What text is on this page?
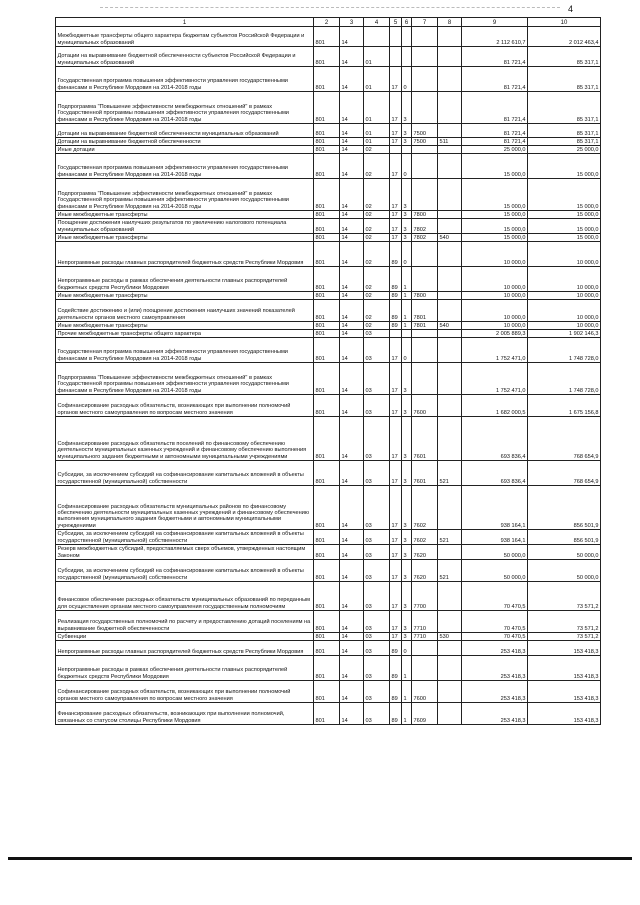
4
1	2	3	4	5	6	7	8	9	10
Межбюджетные трансферты общего характера бюджетам субъектов Российской Федерации и муниципальных образований	801	14						2 112 610,7	2 012 463,4
Дотации на выравнивание бюджетной обеспеченности субъектов Российской Федерации и муниципальных образований	801	14	01					81 721,4	85 317,1
Государственная программа повышения эффективности управления государственными финансами в Республике Мордовия на 2014-2018 годы	801	14	01	17	0			81 721,4	85 317,1
Подпрограмма "Повышение эффективности межбюджетных отношений" в рамках Государственной программы повышения эффективности управления государственными финансами в Республике Мордовия на 2014-2018 годы	801	14	01	17	3			81 721,4	85 317,1
Дотации на выравнивание бюджетной обеспеченности муниципальных образований	801	14	01	17	3	7500		81 721,4	85 317,1
Дотации на выравнивание бюджетной обеспеченности	801	14	01	17	3	7500	511	81 721,4	85 317,1
Иные дотации	801	14	02					25 000,0	25 000,0
Государственная программа повышения эффективности управления государственными финансами в Республике Мордовия на 2014-2018 годы	801	14	02	17	0			15 000,0	15 000,0
Подпрограмма "Повышение эффективности межбюджетных отношений" в рамках Государственной программы повышения эффективности управления государственными финансами в Республике Мордовия на 2014-2018 годы	801	14	02	17	3			15 000,0	15 000,0
Иные межбюджетные трансферты	801	14	02	17	3	7800		15 000,0	15 000,0
Поощрение достижения наилучших результатов по увеличению налогового потенциала муниципальных образований	801	14	02	17	3	7802		15 000,0	15 000,0
Иные межбюджетные трансферты	801	14	02	17	3	7802	540	15 000,0	15 000,0
Непрограммные расходы главных распорядителей бюджетных средств Республики Мордовия	801	14	02	89	0			10 000,0	10 000,0
Непрограммные расходы в рамках обеспечения деятельности главных распорядителей бюджетных средств Республики Мордовия	801	14	02	89	1			10 000,0	10 000,0
Иные межбюджетные трансферты	801	14	02	89	1	7800		10 000,0	10 000,0
Содействие достижению и (или) поощрение достижения наилучших значений показателей деятельности органов местного самоуправления	801	14	02	89	1	7801		10 000,0	10 000,0
Иные межбюджетные трансферты	801	14	02	89	1	7801	540	10 000,0	10 000,0
Прочие межбюджетные трансферты общего характера	801	14	03					2 005 889,3	1 902 146,3
Государственная программа повышения эффективности управления государственными финансами в Республике Мордовия на 2014-2018 годы	801	14	03	17	0			1 752 471,0	1 748 728,0
Подпрограмма "Повышение эффективности межбюджетных отношений" в рамках Государственной программы повышения эффективности управления государственными финансами в Республике Мордовия на 2014-2018 годы	801	14	03	17	3			1 752 471,0	1 748 728,0
Софинансирование расходных обязательств, возникающих при выполнении полномочий органов местного самоуправления по вопросам местного значения	801	14	03	17	3	7600		1 682 000,5	1 675 156,8
Софинансирование расходных обязательств поселений по финансовому обеспечению деятельности муниципальных казенных учреждений и финансовому обеспечению выполнения муниципального задания бюджетными и автономными муниципальными учреждениями	801	14	03	17	3	7601		693 836,4	768 654,9
Субсидии, за исключением субсидий на софинансирование капитальных вложений в объекты государственной (муниципальной) собственности	801	14	03	17	3	7601	521	693 836,4	768 654,9
Софинансирование расходных обязательств муниципальных районов по финансовому обеспечению деятельности муниципальных казенных учреждений и финансовому обеспечению выполнения муниципального задания бюджетными и автономными муниципальными учреждениями	801	14	03	17	3	7602		938 164,1	856 501,9
Субсидии, за исключением субсидий на софинансирование капитальных вложений в объекты государственной (муниципальной) собственности	801	14	03	17	3	7602	521	938 164,1	856 501,9
Резерв межбюджетных субсидий, предоставляемых сверх объемов, утвержденных настоящим Законом	801	14	03	17	3	7620		50 000,0	50 000,0
Субсидии, за исключением субсидий на софинансирование капитальных вложений в объекты государственной (муниципальной) собственности	801	14	03	17	3	7620	521	50 000,0	50 000,0
Финансовое обеспечение расходных обязательств муниципальных образований по переданным для осуществления органам местного самоуправления государственным полномочиям	801	14	03	17	3	7700		70 470,5	73 571,2
Реализация государственных полномочий по расчету и предоставлению дотаций поселениям на выравнивание бюджетной обеспеченности	801	14	03	17	3	7710		70 470,5	73 571,2
Субвенции	801	14	03	17	3	7710	530	70 470,5	73 571,2
Непрограммные расходы главных распорядителей бюджетных средств Республики Мордовия	801	14	03	89	0			253 418,3	153 418,3
Непрограммные расходы в рамках обеспечения деятельности главных распорядителей бюджетных средств Республики Мордовия	801	14	03	89	1			253 418,3	153 418,3
Софинансирование расходных обязательств, возникающих при выполнении полномочий органов местного самоуправления по вопросам местного значения	801	14	03	89	1	7600		253 418,3	153 418,3
Финансирование расходных обязательств, возникающих при выполнении полномочий, связанных со статусом столицы Республики Мордовия	801	14	03	89	1	7609		253 418,3	153 418,3
